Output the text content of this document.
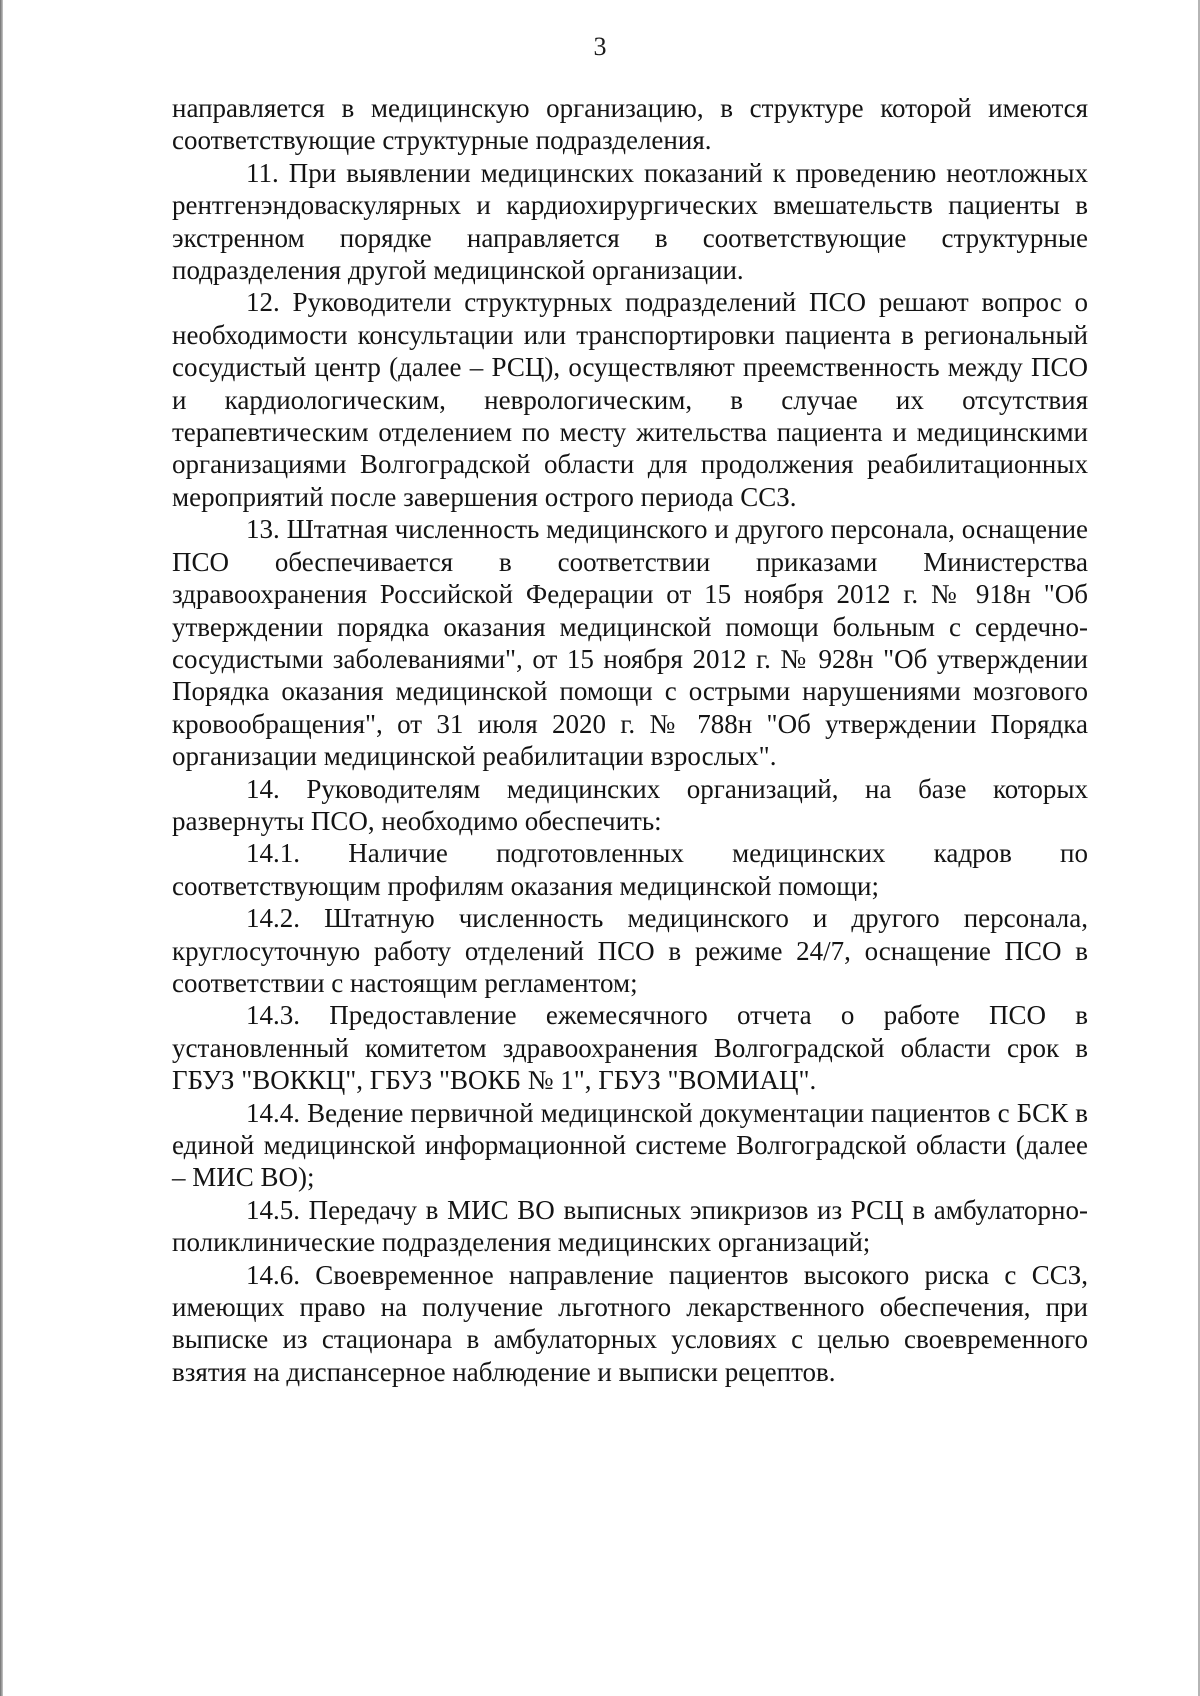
3

направляется в медицинскую организацию, в структуре которой имеются соответствующие структурные подразделения.

11. При выявлении медицинских показаний к проведению неотложных рентгенэндоваскулярных и кардиохирургических вмешательств пациенты в экстренном порядке направляется в соответствующие структурные подразделения другой медицинской организации.

12. Руководители структурных подразделений ПСО решают вопрос о необходимости консультации или транспортировки пациента в региональный сосудистый центр (далее – РСЦ), осуществляют преемственность между ПСО и кардиологическим, неврологическим, в случае их отсутствия терапевтическим отделением по месту жительства пациента и медицинскими организациями Волгоградской области для продолжения реабилитационных мероприятий после завершения острого периода ССЗ.

13. Штатная численность медицинского и другого персонала, оснащение ПСО обеспечивается в соответствии приказами Министерства здравоохранения Российской Федерации от 15 ноября 2012 г. № 918н "Об утверждении порядка оказания медицинской помощи больным с сердечно-сосудистыми заболеваниями", от 15 ноября 2012 г. № 928н "Об утверждении Порядка оказания медицинской помощи с острыми нарушениями мозгового кровообращения", от 31 июля 2020 г. № 788н "Об утверждении Порядка организации медицинской реабилитации взрослых".

14. Руководителям медицинских организаций, на базе которых развернуты ПСО, необходимо обеспечить:

14.1. Наличие подготовленных медицинских кадров по соответствующим профилям оказания медицинской помощи;

14.2. Штатную численность медицинского и другого персонала, круглосуточную работу отделений ПСО в режиме 24/7, оснащение ПСО в соответствии с настоящим регламентом;

14.3. Предоставление ежемесячного отчета о работе ПСО в установленный комитетом здравоохранения Волгоградской области срок в ГБУЗ "ВОККЦ", ГБУЗ "ВОКБ № 1", ГБУЗ "ВОМИАЦ".

14.4. Ведение первичной медицинской документации пациентов с БСК в единой медицинской информационной системе Волгоградской области (далее – МИС ВО);

14.5. Передачу в МИС ВО выписных эпикризов из РСЦ в амбулаторно-поликлинические подразделения медицинских организаций;

14.6. Своевременное направление пациентов высокого риска с ССЗ, имеющих право на получение льготного лекарственного обеспечения, при выписке из стационара в амбулаторных условиях с целью своевременного взятия на диспансерное наблюдение и выписки рецептов.
